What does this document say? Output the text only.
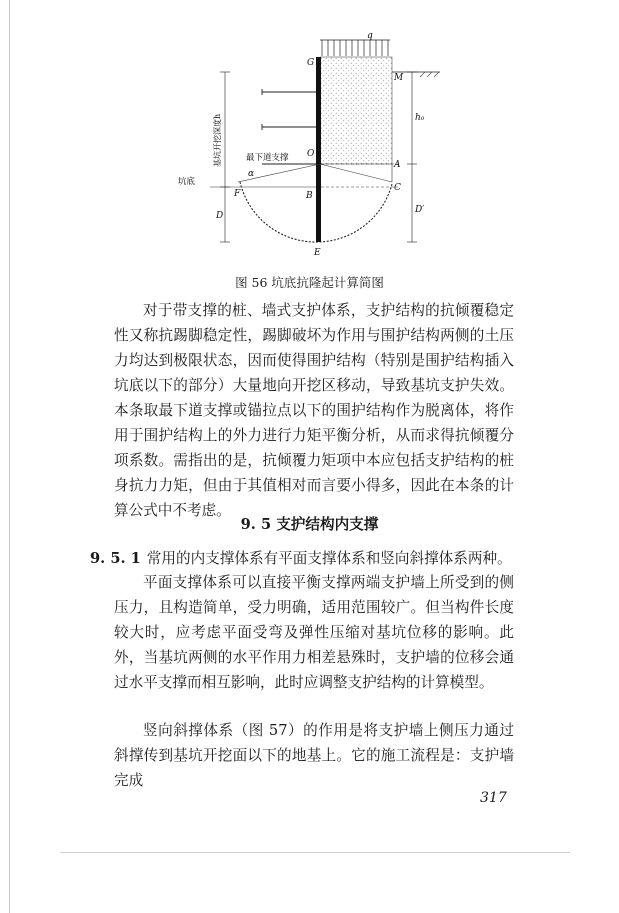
q
G
M
O
A
B
C
F
E
α
D
D′
h₀
基坑开挖深度h	最下道支撑
坑底
图 56 坑底抗隆起计算简图

对于带支撑的桩、墙式支护体系，支护结构的抗倾覆稳定性又称抗踢脚稳定性，踢脚破坏为作用与围护结构两侧的土压力均达到极限状态，因而使得围护结构（特别是围护结构插入坑底以下的部分）大量地向开挖区移动，导致基坑支护失效。本条取最下道支撑或锚拉点以下的围护结构作为脱离体，将作用于围护结构上的外力进行力矩平衡分析，从而求得抗倾覆分项系数。需指出的是，抗倾覆力矩项中本应包括支护结构的桩身抗力力矩，但由于其值相对而言要小得多，因此在本条的计算公式中不考虑。

9. 5 支护结构内支撑

9. 5. 1 常用的内支撑体系有平面支撑体系和竖向斜撑体系两种。

平面支撑体系可以直接平衡支撑两端支护墙上所受到的侧压力，且构造简单，受力明确，适用范围较广。但当构件长度较大时，应考虑平面受弯及弹性压缩对基坑位移的影响。此外，当基坑两侧的水平作用力相差悬殊时，支护墙的位移会通过水平支撑而相互影响，此时应调整支护结构的计算模型。

竖向斜撑体系（图 57）的作用是将支护墙上侧压力通过斜撑传到基坑开挖面以下的地基上。它的施工流程是：支护墙完成

317
